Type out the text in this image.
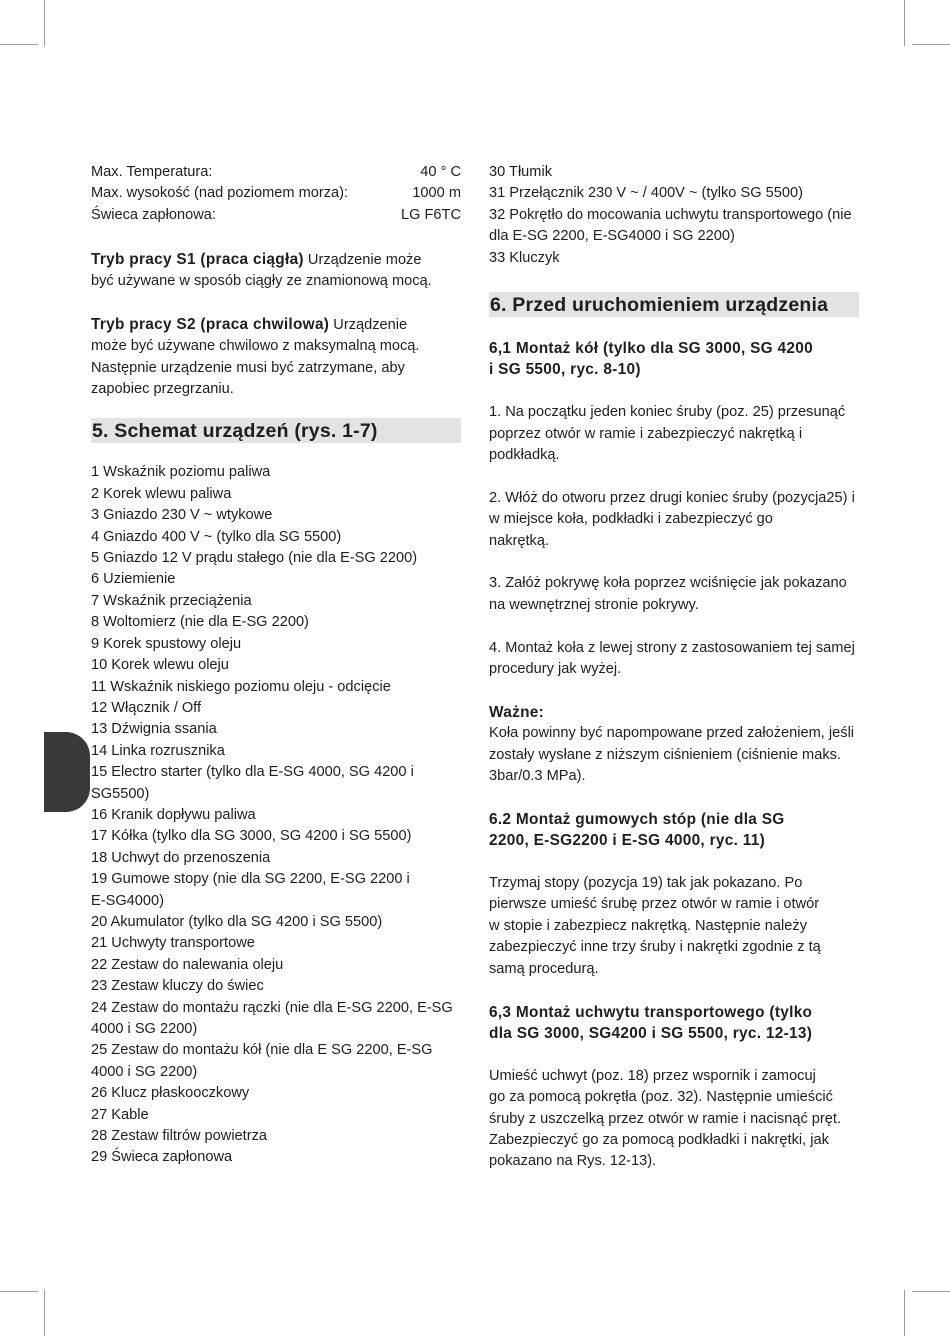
Max. Temperatura:	40 ° C
Max. wysokość (nad poziomem morza):	1000 m
Świeca zapłonowa:	LG F6TC
Tryb pracy S1 (praca ciągła) Urządzenie może
być używane w sposób ciągły ze znamionową mocą.
Tryb pracy S2 (praca chwilowa) Urządzenie
może być używane chwilowo z maksymalną mocą.
Następnie urządzenie musi być zatrzymane, aby
zapobiec przegrzaniu.
5. Schemat urządzeń (rys. 1-7)
1 Wskaźnik poziomu paliwa
2 Korek wlewu paliwa
3 Gniazdo 230 V ~ wtykowe
4 Gniazdo 400 V ~ (tylko dla SG 5500)
5 Gniazdo 12 V prądu stałego (nie dla E-SG 2200)
6 Uziemienie
7 Wskaźnik przeciążenia
8 Woltomierz (nie dla E-SG 2200)
9 Korek spustowy oleju
10 Korek wlewu oleju
11 Wskaźnik niskiego poziomu oleju - odcięcie
12 Włącznik / Off
13 Dźwignia ssania
14 Linka rozrusznika
15 Electro starter (tylko dla E-SG 4000, SG 4200 i
SG5500)
16 Kranik dopływu paliwa
17 Kółka (tylko dla SG 3000, SG 4200 i SG 5500)
18 Uchwyt do przenoszenia
19 Gumowe stopy (nie dla SG 2200, E-SG 2200 i
E-SG4000)
20 Akumulator (tylko dla SG 4200 i SG 5500)
21 Uchwyty transportowe
22 Zestaw do nalewania oleju
23 Zestaw kluczy do świec
24 Zestaw do montażu rączki (nie dla E-SG 2200, E-SG
4000 i SG 2200)
25 Zestaw do montażu kół (nie dla E SG 2200, E-SG
4000 i SG 2200)
26 Klucz płaskooczkowy
27 Kable
28 Zestaw filtrów powietrza
29 Świeca zapłonowa
30 Tłumik
31 Przełącznik 230 V ~ / 400V ~ (tylko SG 5500)
32 Pokrętło do mocowania uchwytu transportowego (nie
dla E-SG 2200, E-SG4000 i SG 2200)
33 Kluczyk
6. Przed uruchomieniem urządzenia
6,1 Montaż kół (tylko dla SG 3000, SG 4200
i SG 5500, ryc. 8-10)
1. Na początku jeden koniec śruby (poz. 25) przesunąć
poprzez otwór w ramie i zabezpieczyć nakrętką i
podkładką.
2. Włóż do otworu przez drugi koniec śruby (pozycja25) i
w miejsce koła, podkładki i zabezpieczyć go
nakrętką.
3. Załóż pokrywę koła poprzez wciśnięcie jak pokazano
na wewnętrznej stronie pokrywy.
4. Montaż koła z lewej strony z zastosowaniem tej samej
procedury jak wyżej.
Ważne:
Koła powinny być napompowane przed założeniem, jeśli
zostały wysłane z niższym ciśnieniem (ciśnienie maks.
3bar/0.3 MPa).
6.2 Montaż gumowych stóp (nie dla SG
2200, E-SG2200 i E-SG 4000, ryc. 11)
Trzymaj stopy (pozycja 19) tak jak pokazano. Po
pierwsze umieść śrubę przez otwór w ramie i otwór
w stopie i zabezpiecz nakrętką. Następnie należy
zabezpieczyć inne trzy śruby i nakrętki zgodnie z tą
samą procedurą.
6,3 Montaż uchwytu transportowego (tylko
dla SG 3000, SG4200 i SG 5500, ryc. 12-13)
Umieść uchwyt (poz. 18) przez wspornik i zamocuj
go za pomocą pokrętła (poz. 32). Następnie umieścić
śruby z uszczelką przez otwór w ramie i nacisnąć pręt.
Zabezpieczyć go za pomocą podkładki i nakrętki, jak
pokazano na Rys. 12-13).
